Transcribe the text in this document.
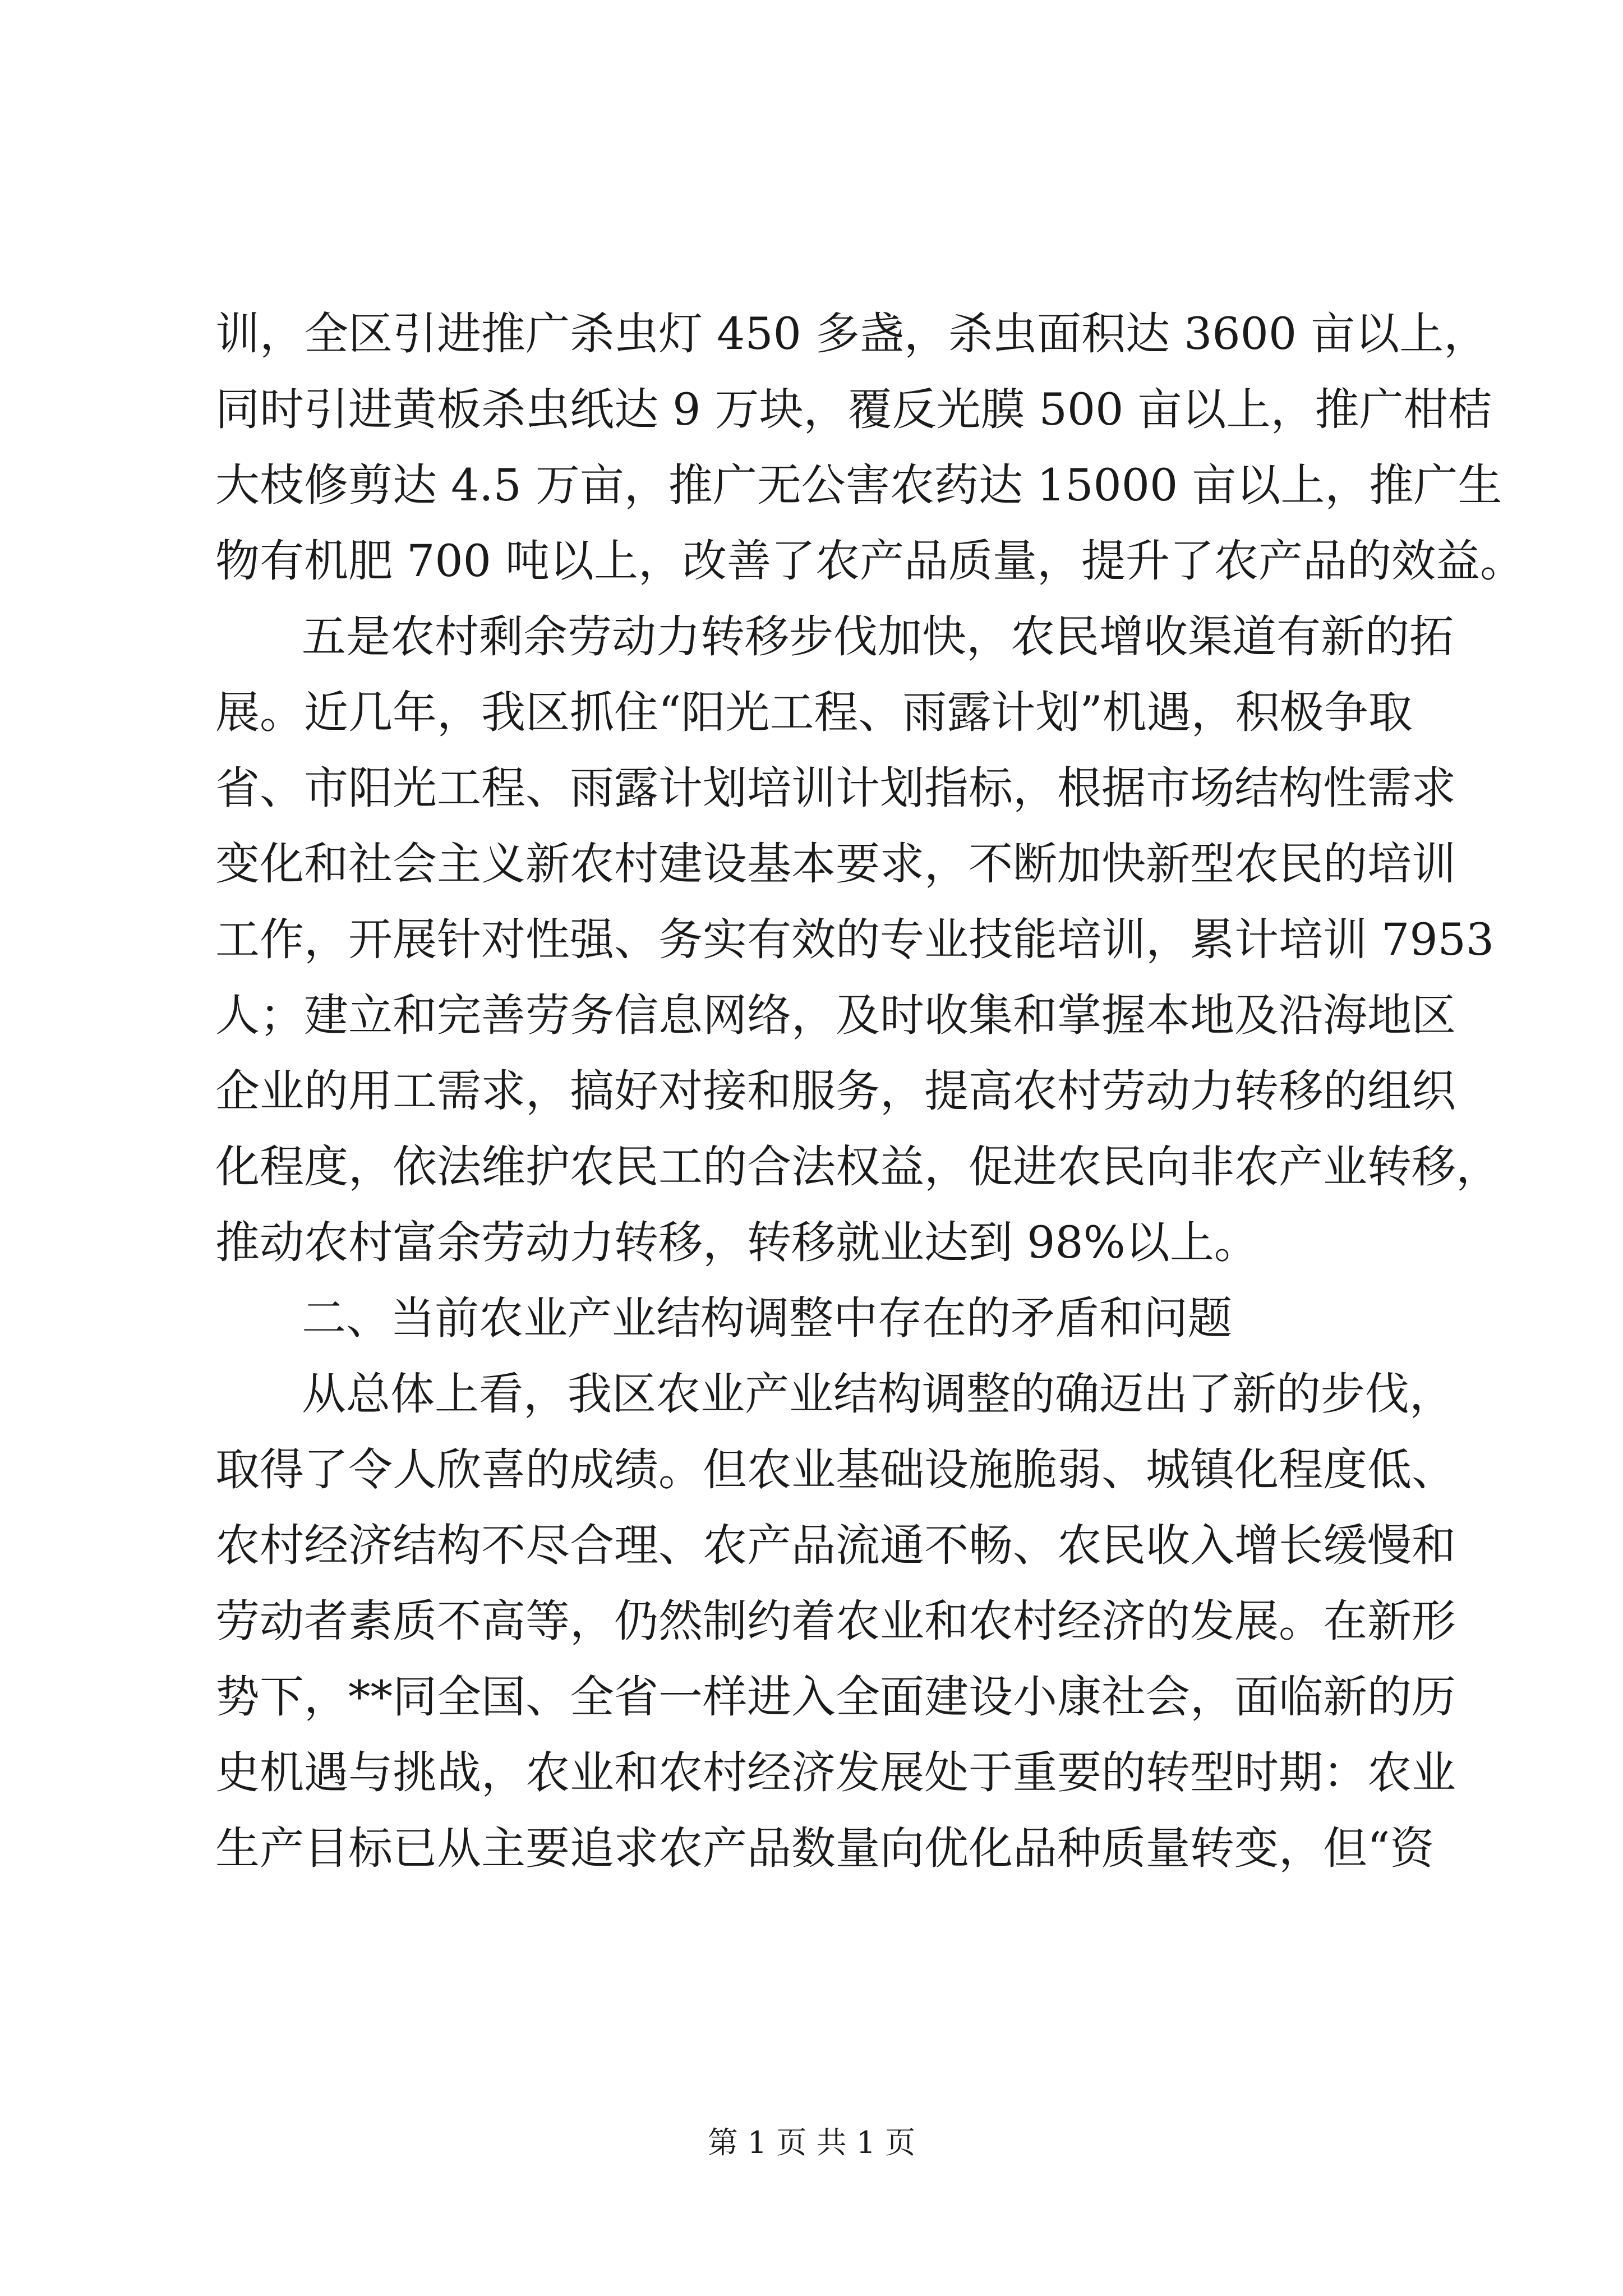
训，全区引进推广杀虫灯 450 多盏，杀虫面积达 3600 亩以上，
同时引进黄板杀虫纸达 9 万块，覆反光膜 500 亩以上，推广柑桔
大枝修剪达 4.5 万亩，推广无公害农药达 15000 亩以上，推广生
物有机肥 700 吨以上，改善了农产品质量，提升了农产品的效益。
五是农村剩余劳动力转移步伐加快，农民增收渠道有新的拓
展。近几年，我区抓住“阳光工程、雨露计划”机遇，积极争取
省、市阳光工程、雨露计划培训计划指标，根据市场结构性需求
变化和社会主义新农村建设基本要求，不断加快新型农民的培训
工作，开展针对性强、务实有效的专业技能培训，累计培训 7953
人；建立和完善劳务信息网络，及时收集和掌握本地及沿海地区
企业的用工需求，搞好对接和服务，提高农村劳动力转移的组织
化程度，依法维护农民工的合法权益，促进农民向非农产业转移，
推动农村富余劳动力转移，转移就业达到 98%以上。
二、当前农业产业结构调整中存在的矛盾和问题
从总体上看，我区农业产业结构调整的确迈出了新的步伐，
取得了令人欣喜的成绩。但农业基础设施脆弱、城镇化程度低、
农村经济结构不尽合理、农产品流通不畅、农民收入增长缓慢和
劳动者素质不高等，仍然制约着农业和农村经济的发展。在新形
势下，**同全国、全省一样进入全面建设小康社会，面临新的历
史机遇与挑战，农业和农村经济发展处于重要的转型时期：农业
生产目标已从主要追求农产品数量向优化品种质量转变，但“资
第 1 页 共 1 页
